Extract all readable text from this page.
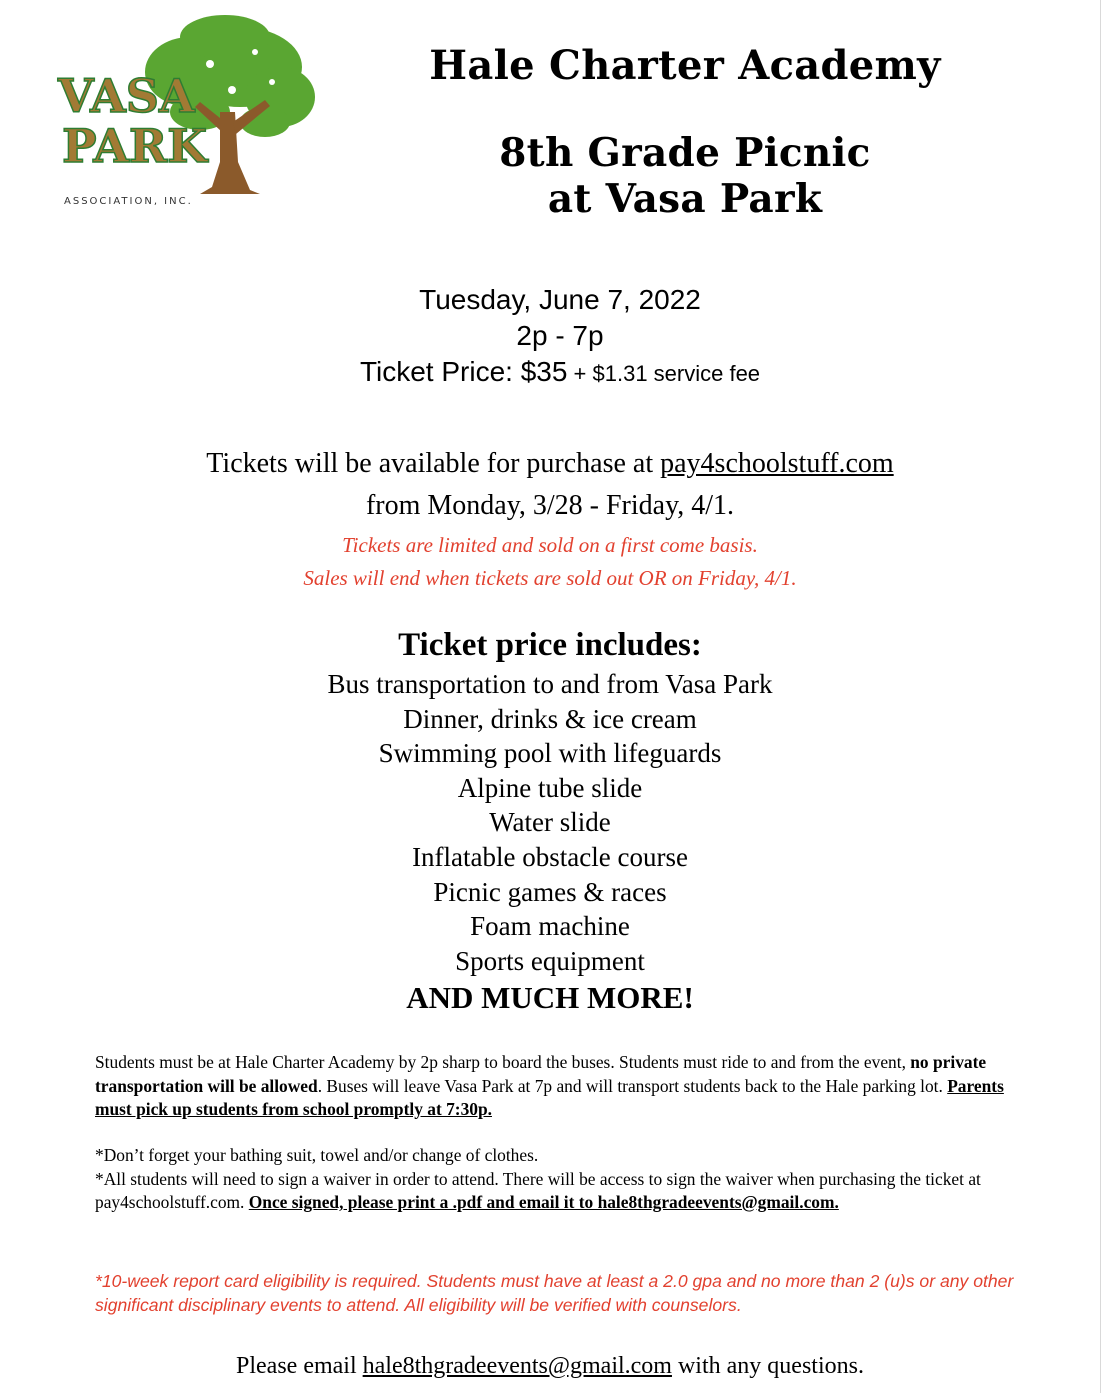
VASA
PARK
ASSOCIATION, INC.
Hale Charter Academy
8th Grade Picnic
at Vasa Park
Tuesday, June 7, 2022
2p - 7p
Ticket Price: $35 + $1.31 service fee
Tickets will be available for purchase at pay4schoolstuff.com
from Monday, 3/28 - Friday, 4/1.
Tickets are limited and sold on a first come basis.
Sales will end when tickets are sold out OR on Friday, 4/1.
Ticket price includes:
Bus transportation to and from Vasa Park
Dinner, drinks & ice cream
Swimming pool with lifeguards
Alpine tube slide
Water slide
Inflatable obstacle course
Picnic games & races
Foam machine
Sports equipment
AND MUCH MORE!
Students must be at Hale Charter Academy by 2p sharp to board the buses. Students must ride to and from the event, no private transportation will be allowed. Buses will leave Vasa Park at 7p and will transport students back to the Hale parking lot. Parents must pick up students from school promptly at 7:30p.
*Don’t forget your bathing suit, towel and/or change of clothes.
*All students will need to sign a waiver in order to attend. There will be access to sign the waiver when purchasing the ticket at pay4schoolstuff.com. Once signed, please print a .pdf and email it to hale8thgradeevents@gmail.com.
*10-week report card eligibility is required. Students must have at least a 2.0 gpa and no more than 2 (u)s or any other significant disciplinary events to attend. All eligibility will be verified with counselors.
Please email hale8thgradeevents@gmail.com with any questions.
